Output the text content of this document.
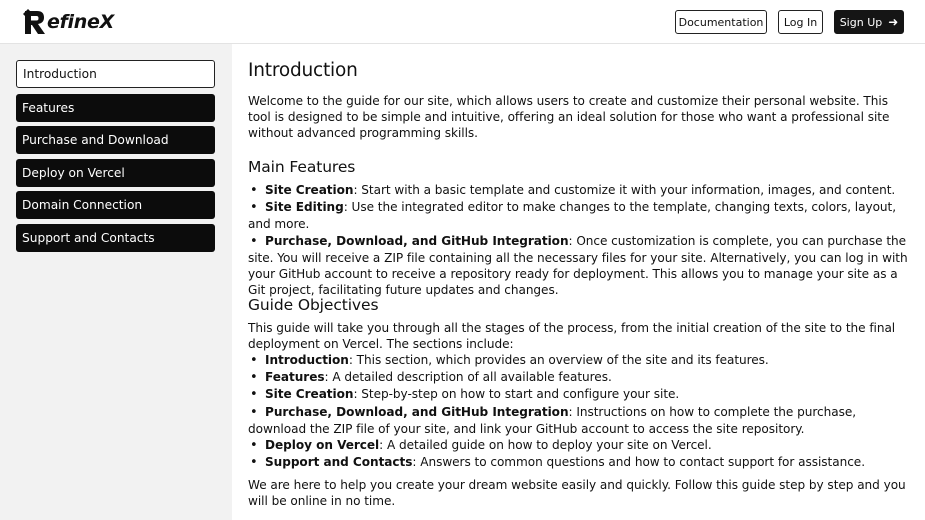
efineX	Documentation	Log In	Sign Up ➜
Introduction
Features
Purchase and Download
Deploy on Vercel
Domain Connection
Support and Contacts
Introduction

Welcome to the guide for our site, which allows users to create and customize their personal website. This tool is designed to be simple and intuitive, offering an ideal solution for those who want a professional site without advanced programming skills.

Main Features
• Site Creation: Start with a basic template and customize it with your information, images, and content.
• Site Editing: Use the integrated editor to make changes to the template, changing texts, colors, layout, and more.
• Purchase, Download, and GitHub Integration: Once customization is complete, you can purchase the site. You will receive a ZIP file containing all the necessary files for your site. Alternatively, you can log in with your GitHub account to receive a repository ready for deployment. This allows you to manage your site as a Git project, facilitating future updates and changes.
Guide Objectives

This guide will take you through all the stages of the process, from the initial creation of the site to the final deployment on Vercel. The sections include:

• Introduction: This section, which provides an overview of the site and its features.
• Features: A detailed description of all available features.
• Site Creation: Step-by-step on how to start and configure your site.
• Purchase, Download, and GitHub Integration: Instructions on how to complete the purchase, download the ZIP file of your site, and link your GitHub account to access the site repository.
• Deploy on Vercel: A detailed guide on how to deploy your site on Vercel.
• Support and Contacts: Answers to common questions and how to contact support for assistance.

We are here to help you create your dream website easily and quickly. Follow this guide step by step and you will be online in no time.
